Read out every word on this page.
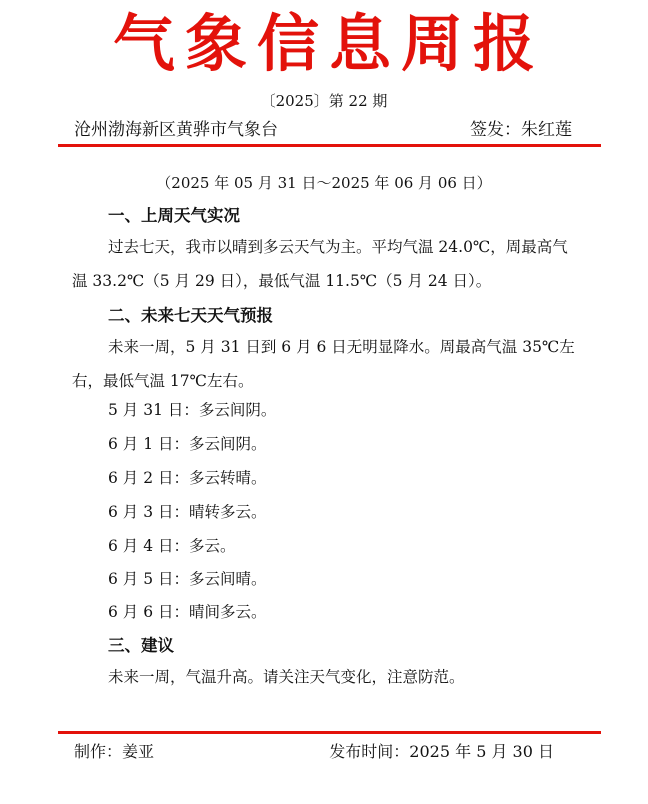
气象信息周报
〔2025〕第 22 期
沧州渤海新区黄骅市气象台	签发：朱红莲
（2025 年 05 月 31 日～2025 年 06 月 06 日）
一、上周天气实况
过去七天，我市以晴到多云天气为主。平均气温 24.0℃，周最高气温 33.2℃（5 月 29 日），最低气温 11.5℃（5 月 24 日）。
二、未来七天天气预报
未来一周，5 月 31 日到 6 月 6 日无明显降水。周最高气温 35℃左右，最低气温 17℃左右。
5 月 31 日：多云间阴。
6 月 1 日：多云间阴。
6 月 2 日：多云转晴。
6 月 3 日：晴转多云。
6 月 4 日：多云。
6 月 5 日：多云间晴。
6 月 6 日：晴间多云。
三、建议
未来一周，气温升高。请关注天气变化，注意防范。
制作：姜亚	发布时间：2025 年 5 月 30 日
